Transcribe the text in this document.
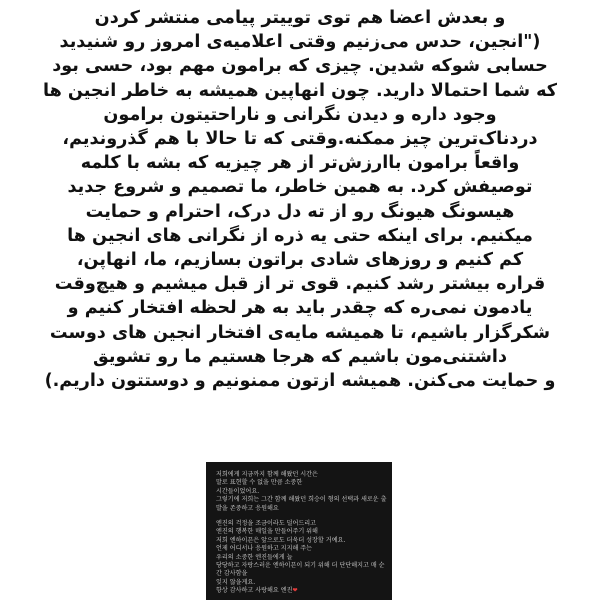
و بعدش اعضا هم توی توییتر پیامی منتشر کردن

("انجین، حدس می‌زنیم وقتی اعلامیه‌ی امروز رو شنیدید

حسابی شوکه شدین. چیزی که برامون مهم بود، حسی بود

که شما احتمالا دارید. چون انهاپین همیشه به خاطر انجین ها

وجود داره و دیدن نگرانی و ناراحتیتون برامون

دردناک‌ترین چیز ممکنه.وقتی که تا حالا با هم گذروندیم،

واقعاً برامون باارزش‌تر از هر چیزیه که بشه با کلمه

توصیفش کرد. به همین خاطر، ما تصمیم و شروع جدید

هیسونگ هیونگ رو از ته دل درک، احترام و حمایت

میکنیم. برای اینکه حتی یه ذره از نگرانی های انجین ها

کم کنیم و روزهای شادی براتون بسازیم، ما، انهاپن،

قراره بیشتر رشد کنیم. قوی تر از قبل میشیم و هیچ‌وقت

یادمون نمی‌ره که چقدر باید به هر لحظه افتخار کنیم و

شکرگزار باشیم، تا همیشه مایه‌ی افتخار انجین های دوست

داشتنی‌مون باشیم که هرجا هستیم ما رو تشویق

و حمایت می‌کنن. همیشه ازتون ممنونیم و دوستتون داریم.)

저희에게 지금까지 함께 해왔던 시간은

말로 표현할 수 없을 만큼 소중한

시간들이었어요.

그렇기에 저희는 그간 함께 해왔던 희승이 형의 선택과 새로운 출

발을 존중하고 응원해요

엔진의 걱정을 조금이라도 덜어드리고

엔진의 행복한 매일을 만들어주기 위해

저희 엔하이픈은 앞으로도 더욱더 성장할 거예요.

언제 어디서나 응원하고 지지해 주는

우리의 소중한 엔진들에게 늘

당당하고 자랑스러운 엔하이픈이 되기 위해 더 단단해지고 매 순

간 감사함을

잊지 않을게요.

항상 감사하고 사랑해요 엔진❤
